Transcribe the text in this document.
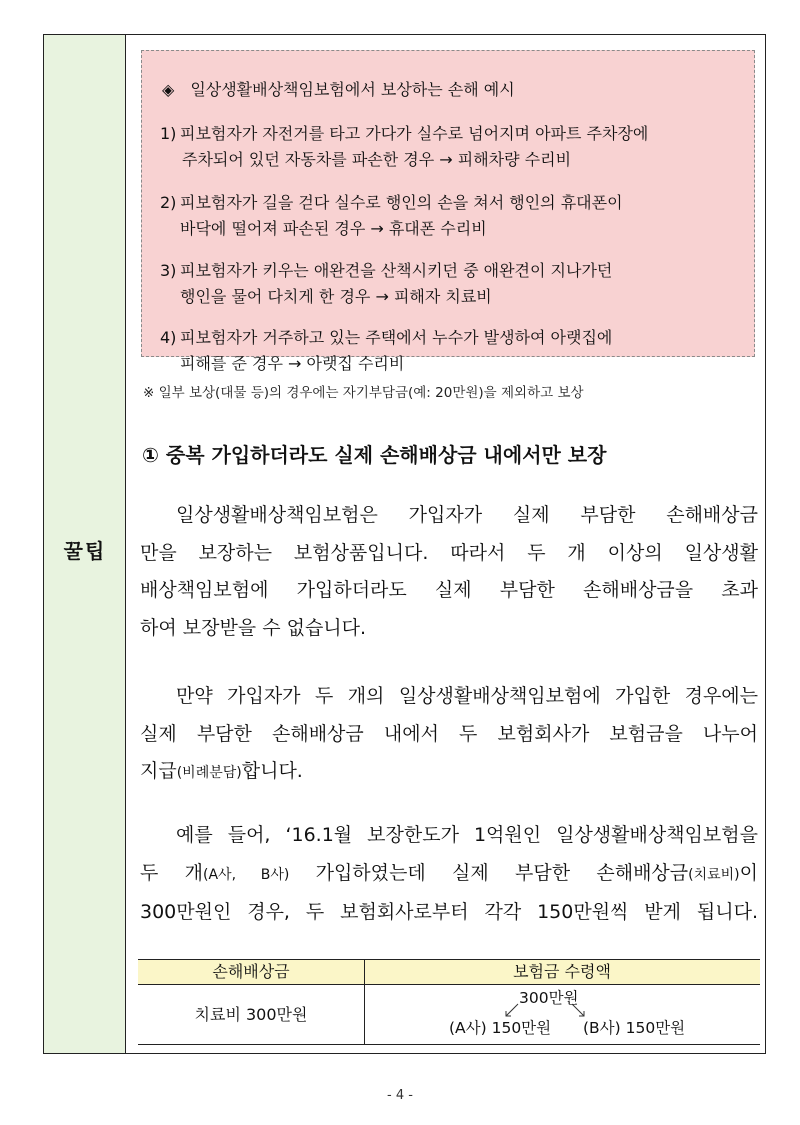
꿀팁
◈ 일상생활배상책임보험에서 보상하는 손해 예시
1) 피보험자가 자전거를 타고 가다가 실수로 넘어지며 아파트 주차장에
주차되어 있던 자동차를 파손한 경우 → 피해차량 수리비
2) 피보험자가 길을 걷다 실수로 행인의 손을 쳐서 행인의 휴대폰이
바닥에 떨어져 파손된 경우 → 휴대폰 수리비
3) 피보험자가 키우는 애완견을 산책시키던 중 애완견이 지나가던
행인을 물어 다치게 한 경우 → 피해자 치료비
4) 피보험자가 거주하고 있는 주택에서 누수가 발생하여 아랫집에
피해를 준 경우 → 아랫집 수리비
※ 일부 보상(대물 등)의 경우에는 자기부담금(예: 20만원)을 제외하고 보상
① 중복 가입하더라도 실제 손해배상금 내에서만 보장
일상생활배상책임보험은 가입자가 실제 부담한 손해배상금
만을 보장하는 보험상품입니다. 따라서 두 개 이상의 일상생활
배상책임보험에 가입하더라도 실제 부담한 손해배상금을 초과
하여 보장받을 수 없습니다.
만약 가입자가 두 개의 일상생활배상책임보험에 가입한 경우에는
실제 부담한 손해배상금 내에서 두 보험회사가 보험금을 나누어
지급(비례분담)합니다.
예를 들어, ‘16.1월 보장한도가 1억원인 일상생활배상책임보험을
두 개(A사, B사) 가입하였는데 실제 부담한 손해배상금(치료비)이
300만원인 경우, 두 보험회사로부터 각각 150만원씩 받게 됩니다.
손해배상금	보험금 수령액
치료비 300만원
300만원
(A사) 150만원 (B사) 150만원
- 4 -
